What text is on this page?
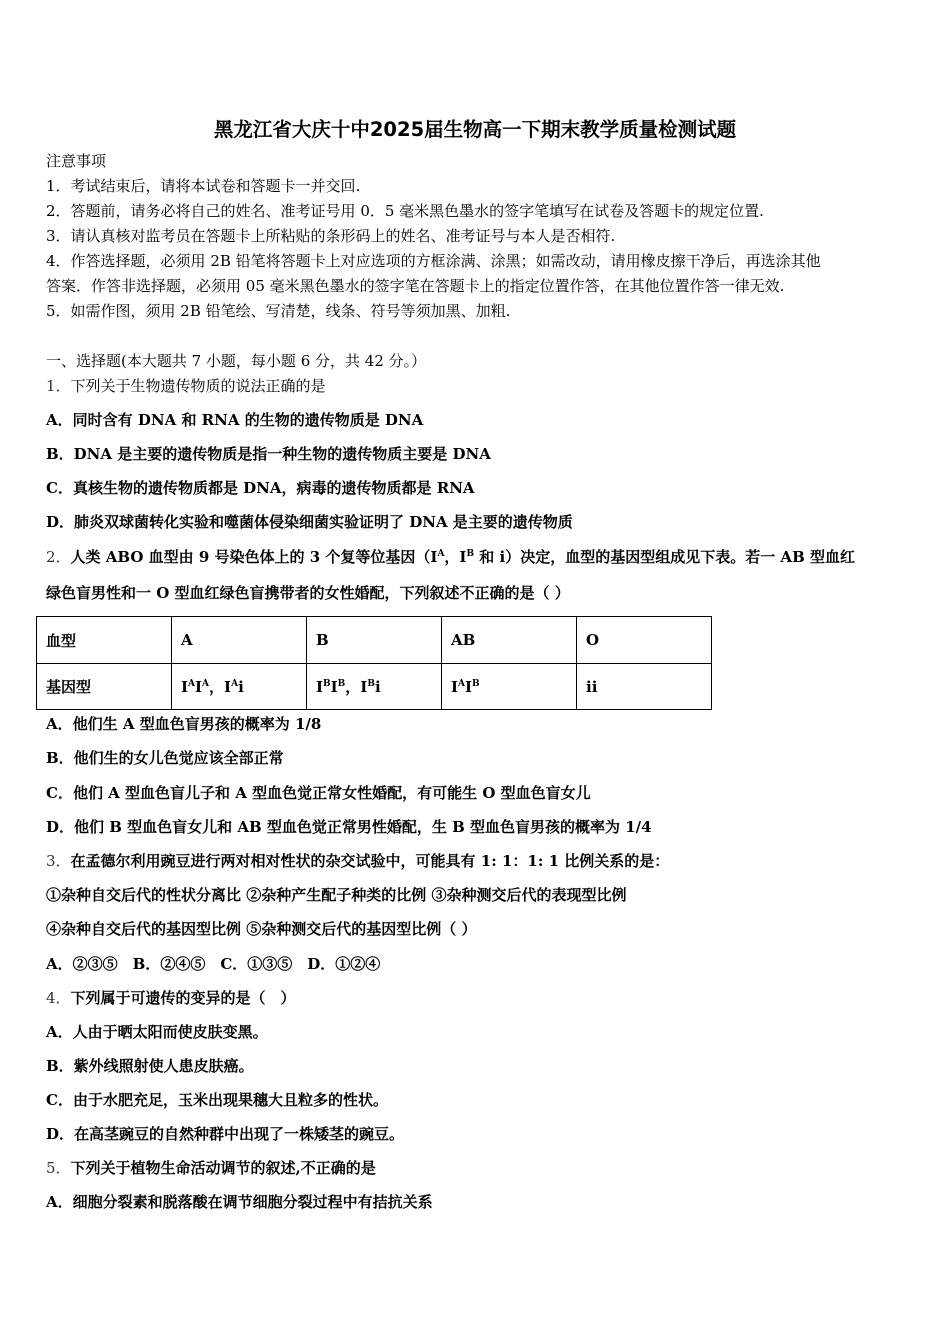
黑龙江省大庆十中2025届生物高一下期末教学质量检测试题
注意事项
1．考试结束后，请将本试卷和答题卡一并交回.
2．答题前，请务必将自己的姓名、准考证号用 0．5 毫米黑色墨水的签字笔填写在试卷及答题卡的规定位置.
3．请认真核对监考员在答题卡上所粘贴的条形码上的姓名、准考证号与本人是否相符.
4．作答选择题，必须用 2B 铅笔将答题卡上对应选项的方框涂满、涂黑；如需改动，请用橡皮擦干净后，再选涂其他
答案．作答非选择题，必须用 05 毫米黑色墨水的签字笔在答题卡上的指定位置作答，在其他位置作答一律无效.
5．如需作图，须用 2B 铅笔绘、写清楚，线条、符号等须加黑、加粗.
一、选择题(本大题共 7 小题，每小题 6 分，共 42 分。）
1．下列关于生物遗传物质的说法正确的是
A．同时含有 DNA 和 RNA 的生物的遗传物质是 DNA
B．DNA 是主要的遗传物质是指一种生物的遗传物质主要是 DNA
C．真核生物的遗传物质都是 DNA，病毒的遗传物质都是 RNA
D．肺炎双球菌转化实验和噬菌体侵染细菌实验证明了 DNA 是主要的遗传物质
2．人类 ABO 血型由 9 号染色体上的 3 个复等位基因（$I^A$，$I^B$ 和 i）决定，血型的基因型组成见下表。若一 AB 型血红
绿色盲男性和一 O 型血红绿色盲携带者的女性婚配，下列叙述不正确的是（ ）
血型	A	B	AB	O
基因型	$I^AI^A$，$I^Ai$	$I^BI^B$，$I^Bi$	$I^AI^B$	ii
A．他们生 A 型血色盲男孩的概率为 1/8
B．他们生的女儿色觉应该全部正常
C．他们 A 型血色盲儿子和 A 型血色觉正常女性婚配，有可能生 O 型血色盲女儿
D．他们 B 型血色盲女儿和 AB 型血色觉正常男性婚配，生 B 型血色盲男孩的概率为 1/4
3．在孟德尔利用豌豆进行两对相对性状的杂交试验中，可能具有 1: 1：1: 1 比例关系的是：
①杂种自交后代的性状分离比 ②杂种产生配子种类的比例 ③杂种测交后代的表现型比例
④杂种自交后代的基因型比例 ⑤杂种测交后代的基因型比例（ ）
A．②③⑤　B．②④⑤　C．①③⑤　D．①②④
4．下列属于可遗传的变异的是（　）
A．人由于晒太阳而使皮肤变黑。
B．紫外线照射使人患皮肤癌。
C．由于水肥充足，玉米出现果穗大且粒多的性状。
D．在高茎豌豆的自然种群中出现了一株矮茎的豌豆。
5．下列关于植物生命活动调节的叙述,不正确的是
A．细胞分裂素和脱落酸在调节细胞分裂过程中有拮抗关系
